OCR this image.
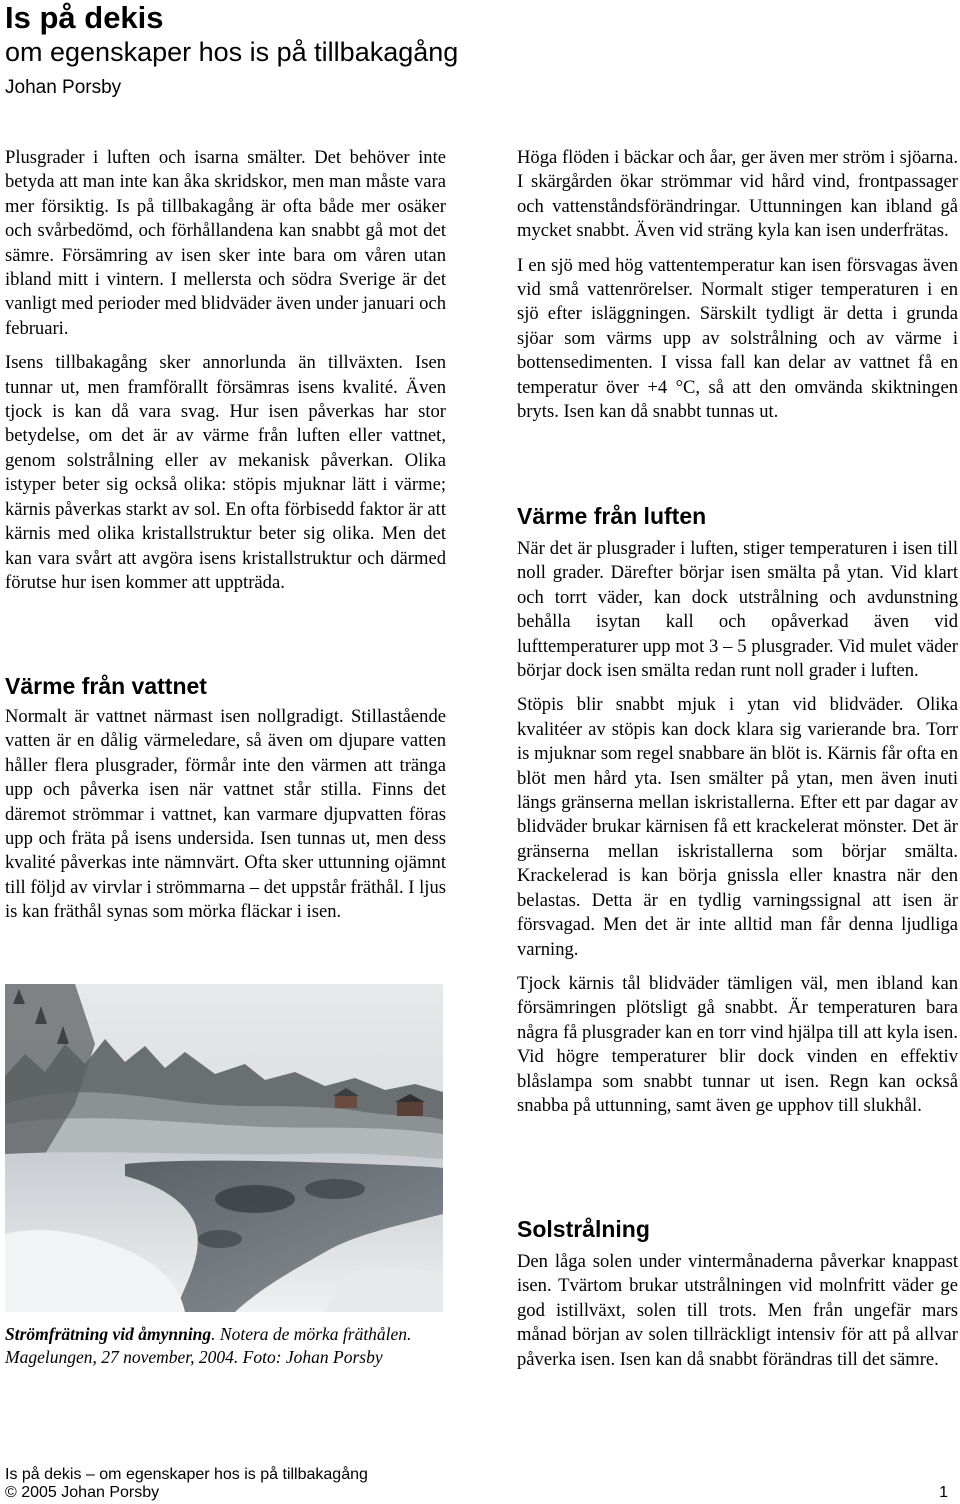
Is på dekis
om egenskaper hos is på tillbakagång
Johan Porsby

Plusgrader i luften och isarna smälter. Det behöver inte betyda att man inte kan åka skridskor, men man måste vara mer försiktig. Is på tillbakagång är ofta både mer osäker och svårbedömd, och förhållandena kan snabbt gå mot det sämre. Försämring av isen sker inte bara om våren utan ibland mitt i vintern. I mellersta och södra Sverige är det vanligt med perioder med blidväder även under januari och februari.

Isens tillbakagång sker annorlunda än tillväxten. Isen tunnar ut, men framförallt försämras isens kvalité. Även tjock is kan då vara svag. Hur isen påverkas har stor betydelse, om det är av värme från luften eller vattnet, genom solstrålning eller av mekanisk påverkan. Olika istyper beter sig också olika: stöpis mjuknar lätt i värme; kärnis påverkas starkt av sol. En ofta förbisedd faktor är att kärnis med olika kristallstruktur beter sig olika. Men det kan vara svårt att avgöra isens kristallstruktur och därmed förutse hur isen kommer att uppträda.

Värme från vattnet

Normalt är vattnet närmast isen nollgradigt. Stillastående vatten är en dålig värmeledare, så även om djupare vatten håller flera plusgrader, förmår inte den värmen att tränga upp och påverka isen när vattnet står stilla. Finns det däremot strömmar i vattnet, kan varmare djupvatten föras upp och fräta på isens undersida. Isen tunnas ut, men dess kvalité påverkas inte nämnvärt. Ofta sker uttunning ojämnt till följd av virvlar i strömmarna – det uppstår fräthål. I ljus is kan fräthål synas som mörka fläckar i isen.

Strömfrätning vid åmynning. Notera de mörka fräthålen.
Magelungen, 27 november, 2004. Foto: Johan Porsby

Höga flöden i bäckar och åar, ger även mer ström i sjöarna. I skärgården ökar strömmar vid hård vind, frontpassager och vattenståndsförändringar. Uttunningen kan ibland gå mycket snabbt. Även vid sträng kyla kan isen underfrätas.

I en sjö med hög vattentemperatur kan isen försvagas även vid små vattenrörelser. Normalt stiger temperaturen i en sjö efter isläggningen. Särskilt tydligt är detta i grunda sjöar som värms upp av solstrålning och av värme i bottensedimenten. I vissa fall kan delar av vattnet få en temperatur över +4 °C, så att den omvända skiktningen bryts. Isen kan då snabbt tunnas ut.

Värme från luften

När det är plusgrader i luften, stiger temperaturen i isen till noll grader. Därefter börjar isen smälta på ytan. Vid klart och torrt väder, kan dock utstrålning och avdunstning behålla isytan kall och opåverkad även vid lufttemperaturer upp mot 3 – 5 plusgrader. Vid mulet väder börjar dock isen smälta redan runt noll grader i luften.

Stöpis blir snabbt mjuk i ytan vid blidväder. Olika kvalitéer av stöpis kan dock klara sig varierande bra. Torr is mjuknar som regel snabbare än blöt is. Kärnis får ofta en blöt men hård yta. Isen smälter på ytan, men även inuti längs gränserna mellan iskristallerna. Efter ett par dagar av blidväder brukar kärnisen få ett krackelerat mönster. Det är gränserna mellan iskristallerna som börjar smälta. Krackelerad is kan börja gnissla eller knastra när den belastas. Detta är en tydlig varningssignal att isen är försvagad. Men det är inte alltid man får denna ljudliga varning.

Tjock kärnis tål blidväder tämligen väl, men ibland kan försämringen plötsligt gå snabbt. Är temperaturen bara några få plusgrader kan en torr vind hjälpa till att kyla isen. Vid högre temperaturer blir dock vinden en effektiv blåslampa som snabbt tunnar ut isen. Regn kan också snabba på uttunning, samt även ge upphov till slukhål.

Solstrålning

Den låga solen under vintermånaderna påverkar knappast isen. Tvärtom brukar utstrålningen vid molnfritt väder ge god istillväxt, solen till trots. Men från ungefär mars månad början av solen tillräckligt intensiv för att på allvar påverka isen. Isen kan då snabbt förändras till det sämre.

Is på dekis – om egenskaper hos is på tillbakagång
© 2005 Johan Porsby	1
